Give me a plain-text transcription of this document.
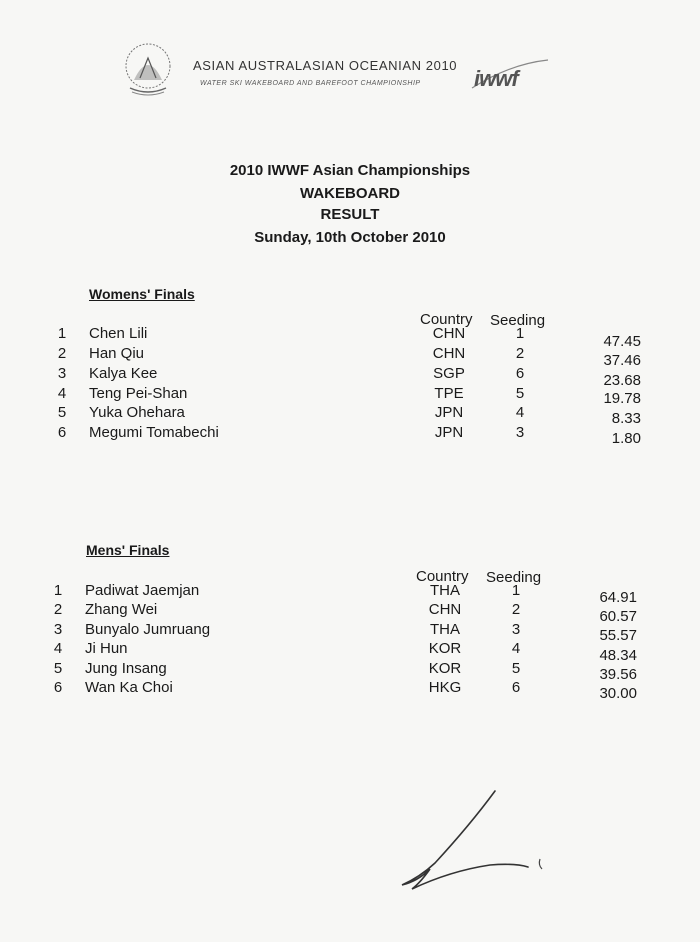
ASIAN AUSTRALASIAN OCEANIAN 2010
WATER SKI WAKEBOARD AND BAREFOOT CHAMPIONSHIP iwwf
2010 IWWF Asian Championships
WAKEBOARD
RESULT
Sunday, 10th October 2010
Womens' Finals
Country Seeding
1	Chen Lili	CHN	1	47.45
2	Han Qiu	CHN	2	37.46
3	Kalya Kee	SGP	6	23.68
4	Teng Pei-Shan	TPE	5	19.78
5	Yuka Ohehara	JPN	4	8.33
6	Megumi Tomabechi	JPN	3	1.80
Mens' Finals
Country Seeding
1	Padiwat Jaemjan	THA	1	64.91
2	Zhang Wei	CHN	2	60.57
3	Bunyalo Jumruang	THA	3	55.57
4	Ji Hun	KOR	4	48.34
5	Jung Insang	KOR	5	39.56
6	Wan Ka Choi	HKG	6	30.00
